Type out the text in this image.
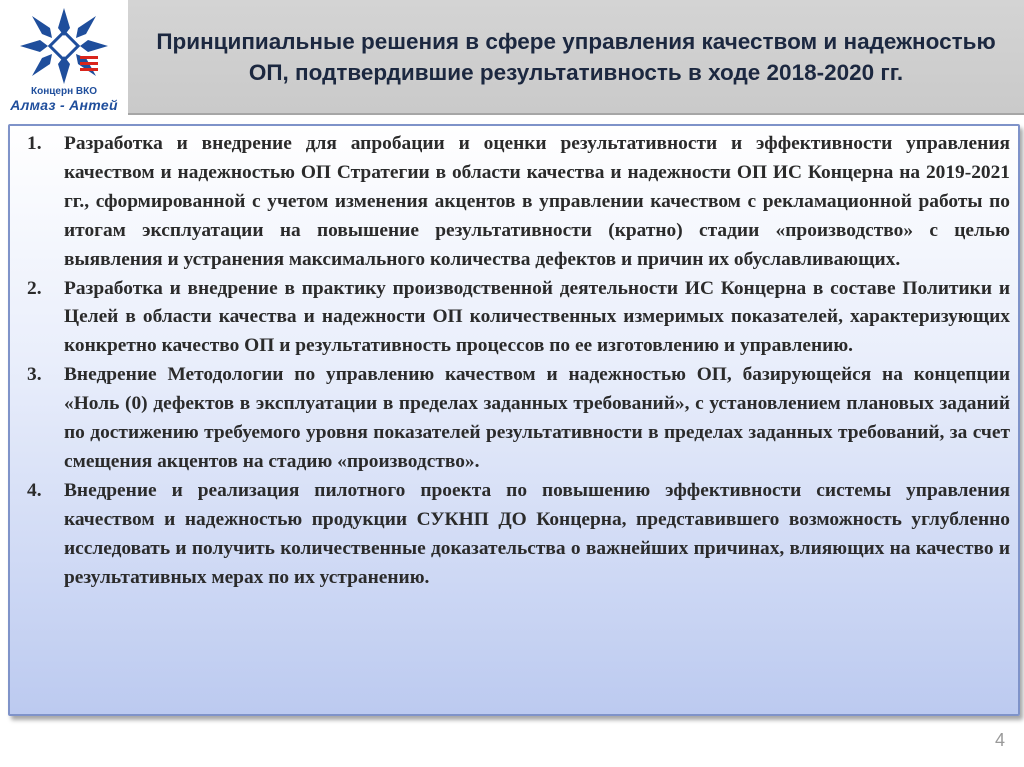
Концерн ВКО
Алмаз - Антей
Принципиальные решения в сфере управления качеством и надежностью ОП, подтвердившие результативность в ходе 2018-2020 гг.
1. Разработка и внедрение для апробации и оценки результативности и эффективности управления качеством и надежностью ОП Стратегии в области качества и надежности ОП ИС Концерна на 2019-2021 гг., сформированной с учетом изменения акцентов в управлении качеством с рекламационной работы по итогам эксплуатации на повышение результативности (кратно) стадии «производство» с целью выявления и устранения максимального количества дефектов и причин их обуславливающих.
2. Разработка и внедрение в практику производственной деятельности ИС Концерна в составе Политики и Целей в области качества и надежности ОП количественных измеримых показателей, характеризующих конкретно качество ОП и результативность процессов по ее изготовлению и управлению.
3. Внедрение Методологии по управлению качеством и надежностью ОП, базирующейся на концепции «Ноль (0) дефектов в эксплуатации в пределах заданных требований», с установлением плановых заданий по достижению требуемого уровня показателей результативности в пределах заданных требований, за счет смещения акцентов на стадию «производство».
4. Внедрение и реализация пилотного проекта по повышению эффективности системы управления качеством и надежностью продукции СУКНП ДО Концерна, представившего возможность углубленно исследовать и получить количественные доказательства о важнейших причинах, влияющих на качество и результативных мерах по их устранению.
4
